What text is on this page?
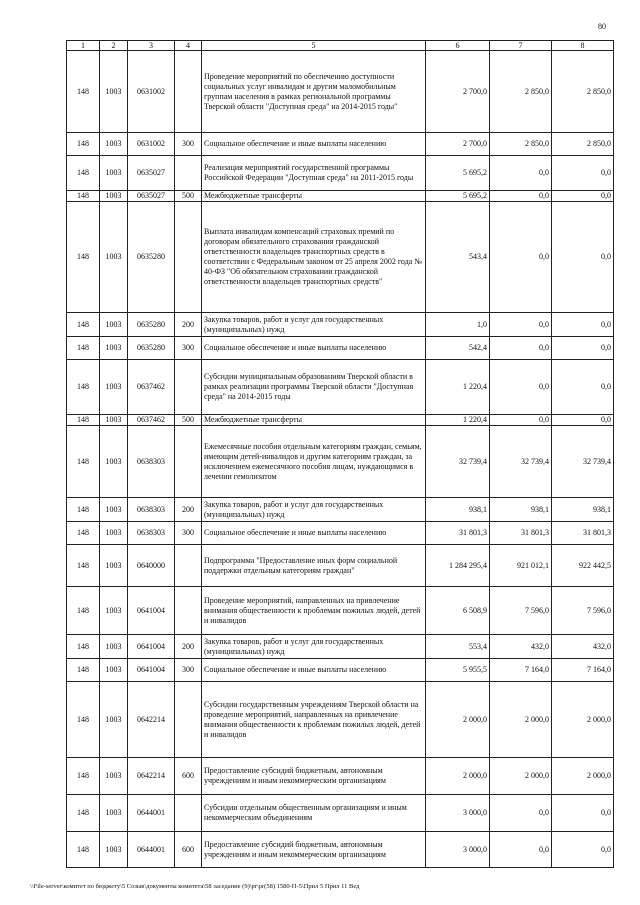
80
1	2	3	4	5	6	7	8
148	1003	0631002		Проведение мероприятий по обеспечению доступности социальных услуг инвалидам и другим маломобильным группам населения в рамках региональной программы Тверской области "Доступная среда" на 2014-2015 годы"	2 700,0	2 850,0	2 850,0
148	1003	0631002	300	Социальное обеспечение и иные выплаты населению	2 700,0	2 850,0	2 850,0
148	1003	0635027		Реализация мероприятий государственной программы Российской Федерации "Доступная среда" на 2011-2015 годы	5 695,2	0,0	0,0
148	1003	0635027	500	Межбюджетные трансферты	5 695,2	0,0	0,0
148	1003	0635280		Выплата инвалидам компенсаций страховых премий по договорам обязательного страхования гражданской ответственности владельцев транспортных средств в соответствии с Федеральным законом от 25 апреля 2002 года № 40-ФЗ "Об обязательном страховании гражданской ответственности владельцев транспортных средств"	543,4	0,0	0,0
148	1003	0635280	200	Закупка товаров, работ и услуг для государственных (муниципальных) нужд	1,0	0,0	0,0
148	1003	0635280	300	Социальное обеспечение и иные выплаты населению	542,4	0,0	0,0
148	1003	0637462		Субсидии муниципальным образованиям Тверской области в рамках реализации программы Тверской области "Доступная среда" на 2014-2015 годы	1 220,4	0,0	0,0
148	1003	0637462	500	Межбюджетные трансферты	1 220,4	0,0	0,0
148	1003	0638303		Ежемесячные пособия отдельным категориям граждан, семьям, имеющим детей-инвалидов и другим категориям граждан, за исключением ежемесячного пособия лицам, нуждающимся в лечении гемолизатом	32 739,4	32 739,4	32 739,4
148	1003	0638303	200	Закупка товаров, работ и услуг для государственных (муниципальных) нужд	938,1	938,1	938,1
148	1003	0638303	300	Социальное обеспечение и иные выплаты населению	31 801,3	31 801,3	31 801,3
148	1003	0640000		Подпрограмма "Предоставление иных форм социальной поддержки отдельным категориям граждан"	1 284 295,4	921 012,1	922 442,5
148	1003	0641004		Проведение мероприятий, направленных на привлечение внимания общественности к проблемам пожилых людей, детей и инвалидов	6 508,9	7 596,0	7 596,0
148	1003	0641004	200	Закупка товаров, работ и услуг для государственных (муниципальных) нужд	553,4	432,0	432,0
148	1003	0641004	300	Социальное обеспечение и иные выплаты населению	5 955,5	7 164,0	7 164,0
148	1003	0642214		Субсидии государственным учреждениям Тверской области на проведение мероприятий, направленных на привлечение внимания общественности к проблемам пожилых людей, детей и инвалидов	2 000,0	2 000,0	2 000,0
148	1003	0642214	600	Предоставление субсидий бюджетным, автономным учреждениям и иным некоммерческим организациям	2 000,0	2 000,0	2 000,0
148	1003	0644001		Субсидии отдельным общественным организациям и иным некоммерческим объединениям	3 000,0	0,0	0,0
148	1003	0644001	600	Предоставление субсидий бюджетным, автономным учреждениям и иным некоммерческим организациям	3 000,0	0,0	0,0
\\File-server\комитет по бюджету\5 Созыв\документы комитета\58 заседание (9)\pr\pr(58) 1580-П-5\Прил 5 Прил 11 Вед
